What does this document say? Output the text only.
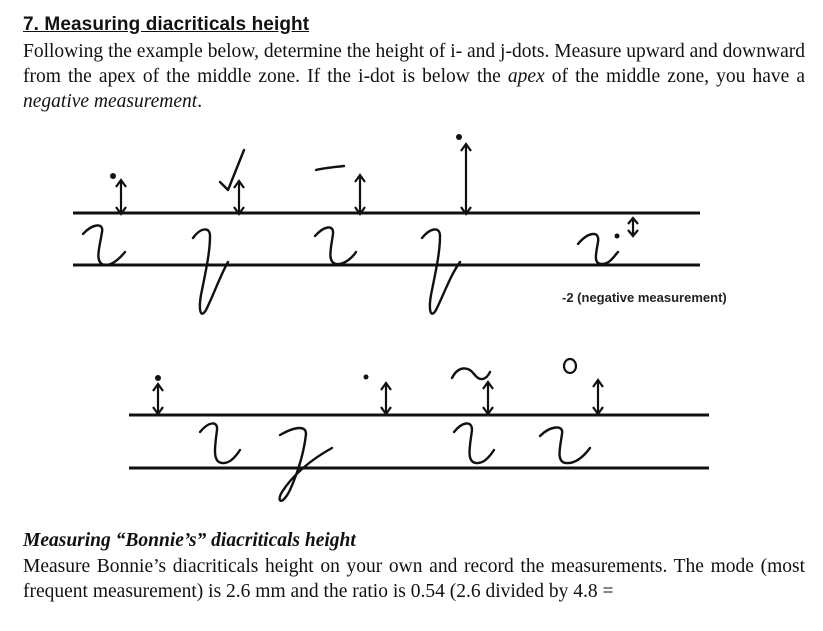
7. Measuring diacriticals height

Following the example below, determine the height of i- and j-dots. Measure upward and downward from the apex of the middle zone. If the i-dot is below the apex of the middle zone, you have a negative measurement.

-2 (negative measurement)
Measuring “Bonnie’s” diacriticals height

Measure Bonnie’s diacriticals height on your own and record the measurements. The mode (most frequent measurement) is 2.6 mm and the ratio is 0.54 (2.6 divided by 4.8 =
